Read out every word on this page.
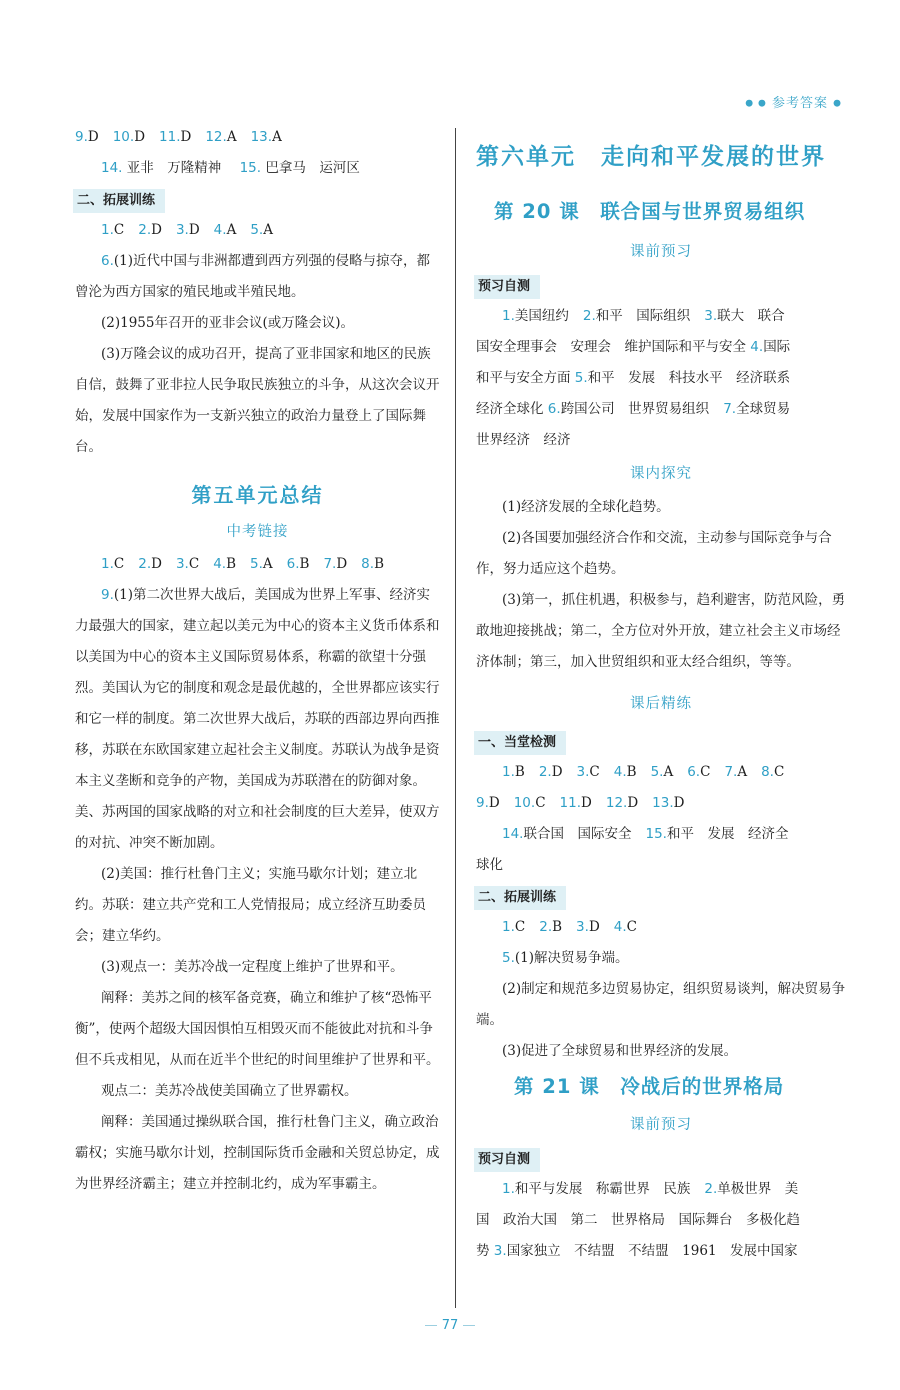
● ● 参考答案 ●
9.D 10.D 11.D 12.A 13.A
14. 亚非　万隆精神 15. 巴拿马　运河区
二、拓展训练
1.C 2.D 3.D 4.A 5.A
6.(1)近代中国与非洲都遭到西方列强的侵略与掠夺，都曾沦为西方国家的殖民地或半殖民地。
(2)1955年召开的亚非会议(或万隆会议)。
(3)万隆会议的成功召开，提高了亚非国家和地区的民族自信，鼓舞了亚非拉人民争取民族独立的斗争，从这次会议开始，发展中国家作为一支新兴独立的政治力量登上了国际舞台。
第五单元总结
中考链接
1.C 2.D 3.C 4.B 5.A 6.B 7.D 8.B
9.(1)第二次世界大战后，美国成为世界上军事、经济实力最强大的国家，建立起以美元为中心的资本主义货币体系和以美国为中心的资本主义国际贸易体系，称霸的欲望十分强烈。美国认为它的制度和观念是最优越的，全世界都应该实行和它一样的制度。第二次世界大战后，苏联的西部边界向西推移，苏联在东欧国家建立起社会主义制度。苏联认为战争是资本主义垄断和竞争的产物，美国成为苏联潜在的防御对象。美、苏两国的国家战略的对立和社会制度的巨大差异，使双方的对抗、冲突不断加剧。
(2)美国：推行杜鲁门主义；实施马歇尔计划；建立北约。苏联：建立共产党和工人党情报局；成立经济互助委员会；建立华约。
(3)观点一：美苏冷战一定程度上维护了世界和平。
阐释：美苏之间的核军备竞赛，确立和维护了核“恐怖平衡”，使两个超级大国因惧怕互相毁灭而不能彼此对抗和斗争但不兵戎相见，从而在近半个世纪的时间里维护了世界和平。
观点二：美苏冷战使美国确立了世界霸权。
阐释：美国通过操纵联合国，推行杜鲁门主义，确立政治霸权；实施马歇尔计划，控制国际货币金融和关贸总协定，成为世界经济霸主；建立并控制北约，成为军事霸主。
第六单元　走向和平发展的世界
第 20 课　联合国与世界贸易组织
课前预习
预习自测
1.美国纽约 2.和平　国际组织 3.联大　联合
国安全理事会　安理会　维护国际和平与安全 4.国际
和平与安全方面 5.和平　发展　科技水平　经济联系
经济全球化 6.跨国公司　世界贸易组织 7.全球贸易
世界经济　经济
课内探究
(1)经济发展的全球化趋势。
(2)各国要加强经济合作和交流，主动参与国际竞争与合作，努力适应这个趋势。
(3)第一，抓住机遇，积极参与，趋利避害，防范风险，勇敢地迎接挑战；第二，全方位对外开放，建立社会主义市场经济体制；第三，加入世贸组织和亚太经合组织，等等。
课后精练
一、当堂检测
1.B 2.D 3.C 4.B 5.A 6.C 7.A 8.C
9.D 10.C 11.D 12.D 13.D
14.联合国　国际安全 15.和平　发展　经济全
球化
二、拓展训练
1.C 2.B 3.D 4.C
5.(1)解决贸易争端。
(2)制定和规范多边贸易协定，组织贸易谈判，解决贸易争端。
(3)促进了全球贸易和世界经济的发展。
第 21 课　冷战后的世界格局
课前预习
预习自测
1.和平与发展　称霸世界　民族 2.单极世界　美
国　政治大国　第二　世界格局　国际舞台　多极化趋
势 3.国家独立　不结盟　不结盟　1961　发展中国家
77
